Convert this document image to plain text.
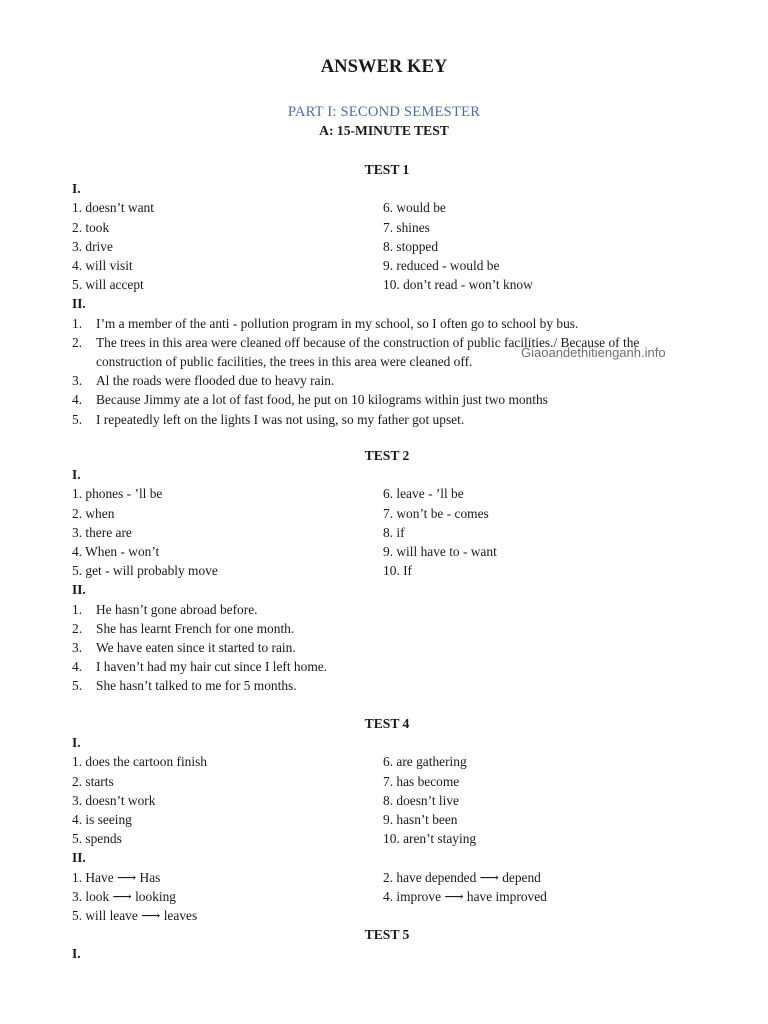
ANSWER KEY
PART I: SECOND SEMESTER
A: 15-MINUTE TEST
TEST 1
I.
1. doesn’t want	6. would be
2. took	7. shines
3. drive	8. stopped
4. will visit	9. reduced - would be
5. will accept	10. don’t read - won’t know
II.
1.	I’m a member of the anti - pollution program in my school, so I often go to school by bus.
2.	The trees in this area were cleaned off because of the construction of public facilities./ Because of the construction of public facilities, the trees in this area were cleaned off.
3.	Al the roads were flooded due to heavy rain.
4.	Because Jimmy ate a lot of fast food, he put on 10 kilograms within just two months
5.	I repeatedly left on the lights I was not using, so my father got upset.
TEST 2
I.
1. phones - ’ll be	6. leave - ’ll be
2. when	7. won’t be - comes
3. there are	8. if
4. When - won’t	9. will have to - want
5. get - will probably move	10. If
II.
1.	He hasn’t gone abroad before.
2.	She has learnt French for one month.
3.	We have eaten since it started to rain.
4.	I haven’t had my hair cut since I left home.
5.	She hasn’t talked to me for 5 months.
TEST 4
I.
1. does the cartoon finish	6. are gathering
2. starts	7. has become
3. doesn’t work	8. doesn’t live
4. is seeing	9. hasn’t been
5. spends	10. aren’t staying
II.
1. Have ⟶ Has	2. have depended ⟶ depend
3. look ⟶ looking	4. improve ⟶ have improved
5. will leave ⟶ leaves
TEST 5
I.
Giaoandethitienganh.info
